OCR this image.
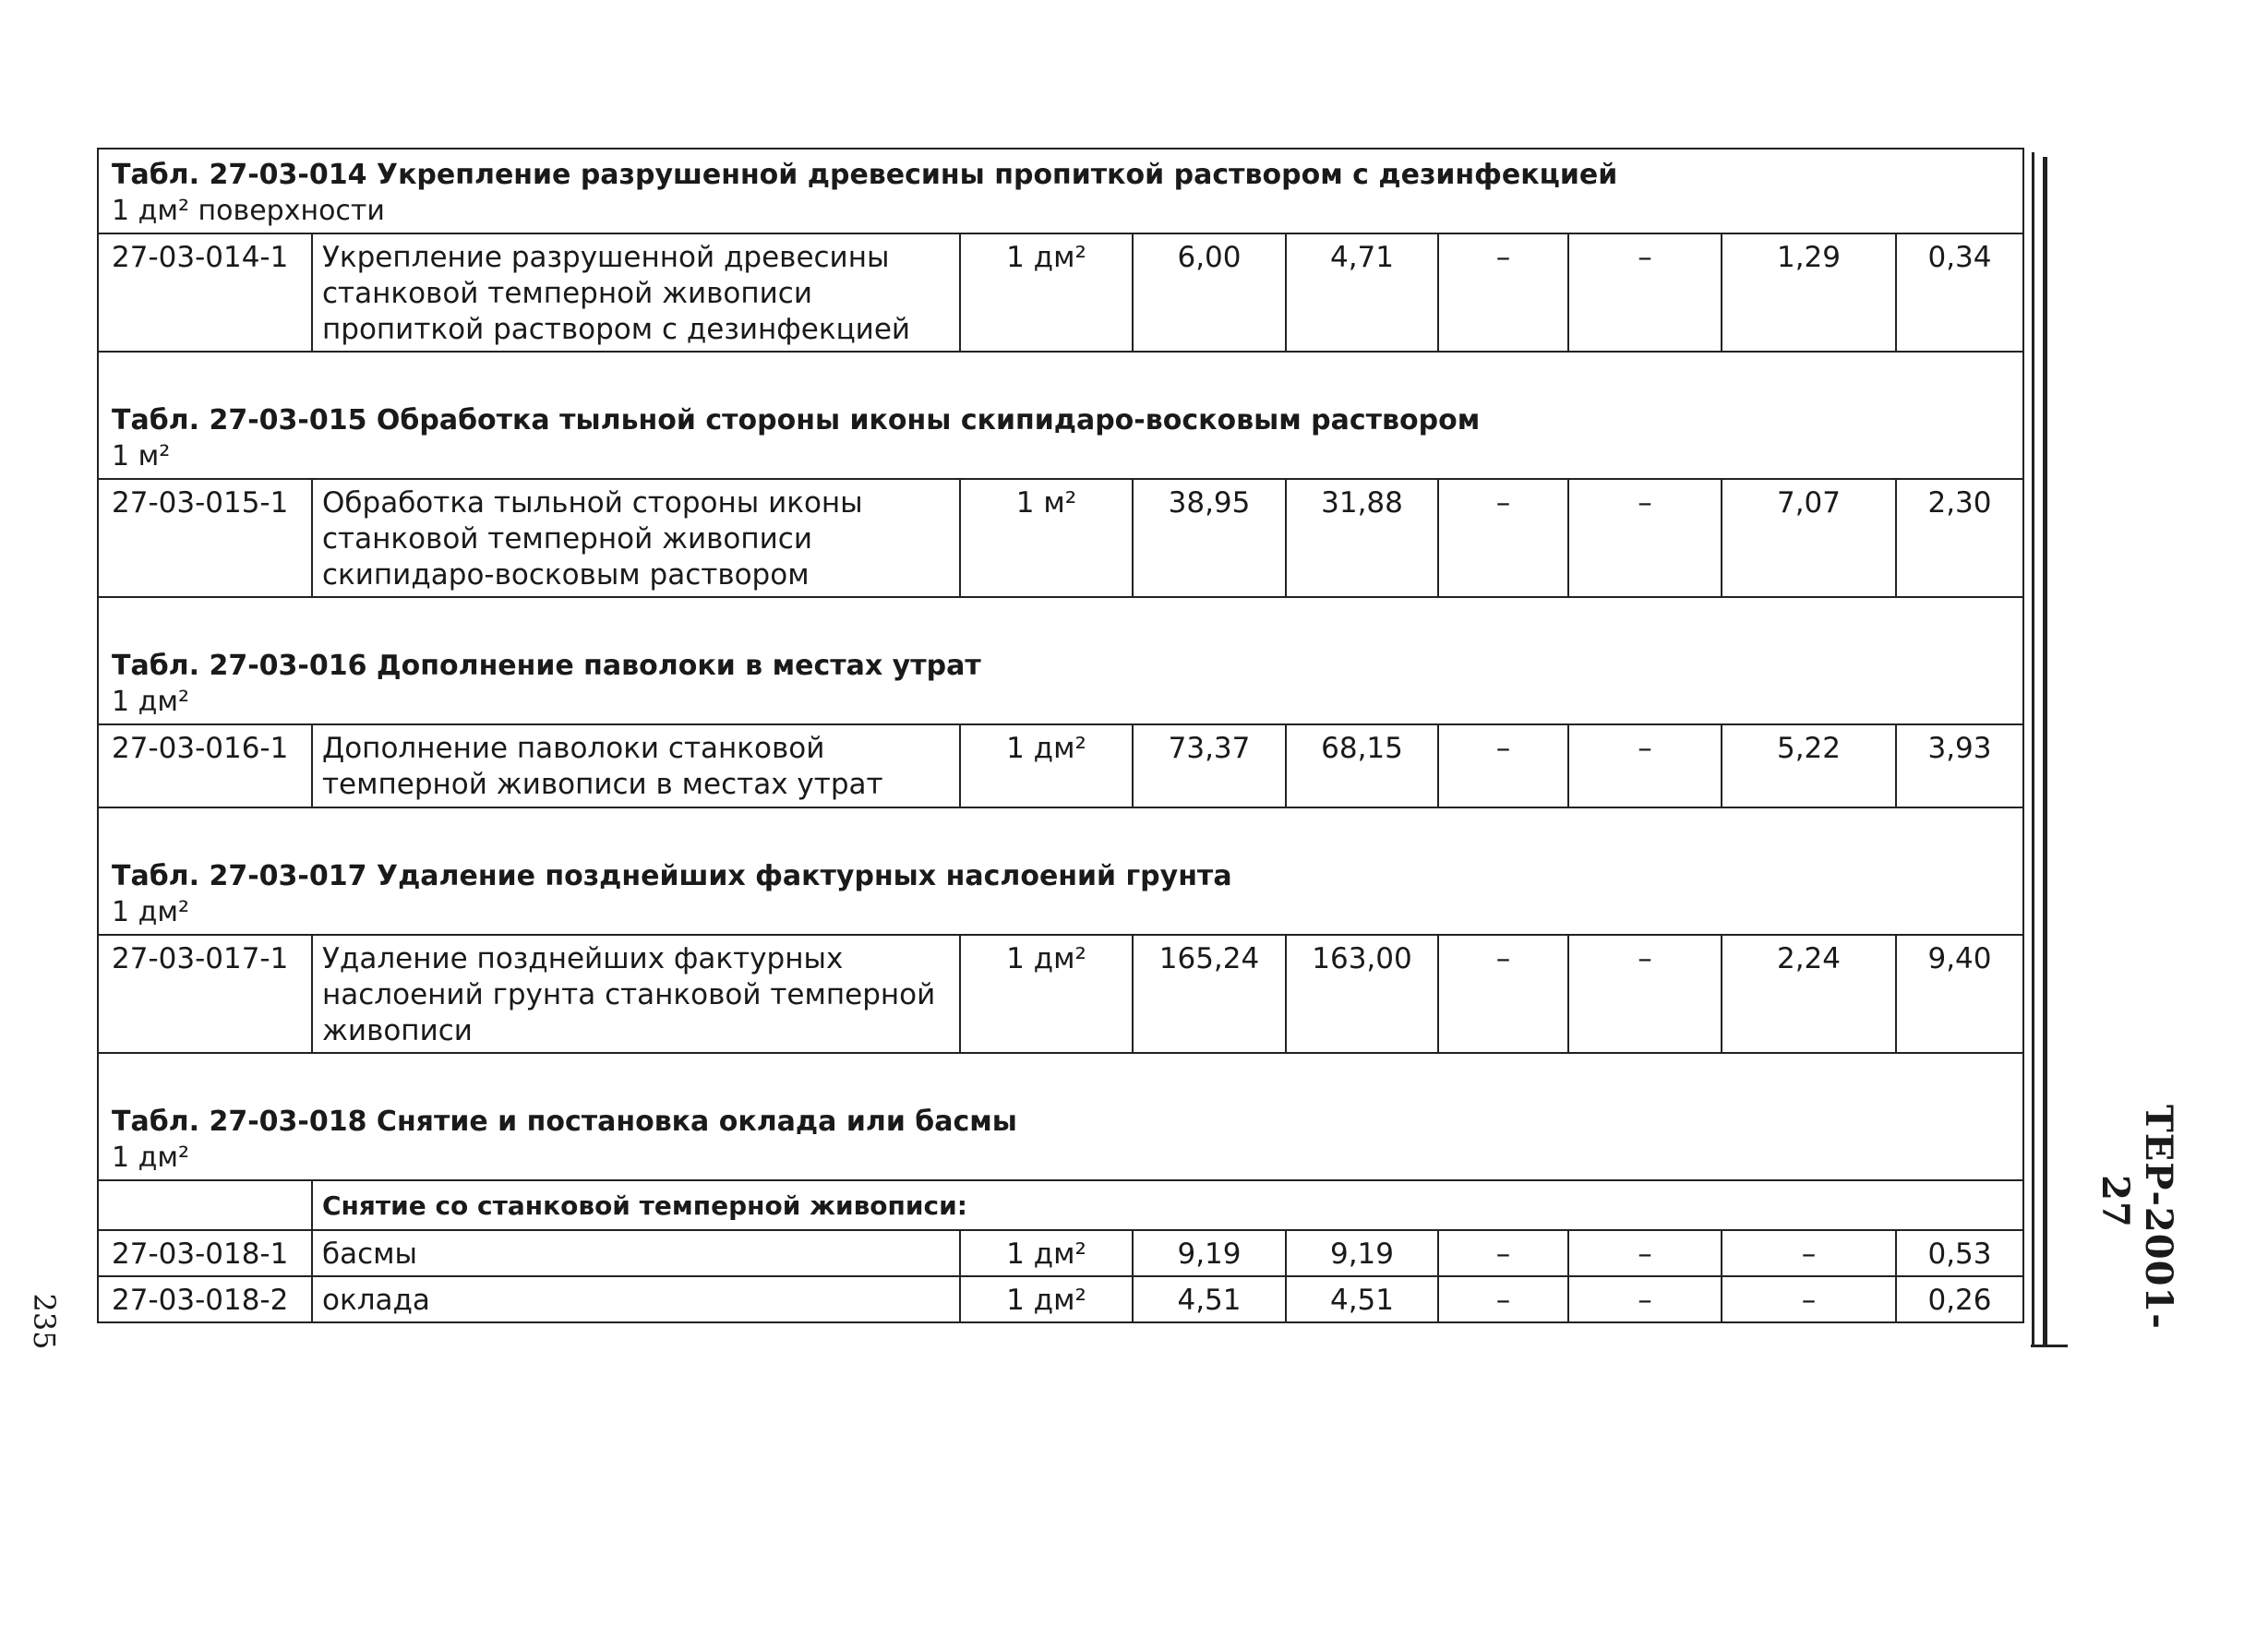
Табл. 27-03-014 Укрепление разрушенной древесины пропиткой раствором с дезинфекцией
1 дм² поверхности								

27-03-014-1	Укрепление разрушенной древесины станковой темперной живописи пропиткой раствором с дезинфекцией	1 дм²	6,00	4,71	–	–	1,29	0,34

Табл. 27-03-015 Обработка тыльной стороны иконы скипидаро-восковым раствором
1 м²								

27-03-015-1	Обработка тыльной стороны иконы станковой темперной живописи скипидаро-восковым раствором	1 м²	38,95	31,88	–	–	7,07	2,30

Табл. 27-03-016 Дополнение паволоки в местах утрат
1 дм²								

27-03-016-1	Дополнение паволоки станковой темперной живописи в местах утрат	1 дм²	73,37	68,15	–	–	5,22	3,93

Табл. 27-03-017 Удаление позднейших фактурных наслоений грунта
1 дм²								

27-03-017-1	Удаление позднейших фактурных наслоений грунта станковой темперной живописи	1 дм²	165,24	163,00	–	–	2,24	9,40

Табл. 27-03-018 Снятие и постановка оклада или басмы
1 дм²								

	Снятие со станковой темперной живописи:							
27-03-018-1	басмы	1 дм²	9,19	9,19	–	–	–	0,53
27-03-018-2	оклада	1 дм²	4,51	4,51	–	–	–	0,26	ТЕР-2001-27
235
